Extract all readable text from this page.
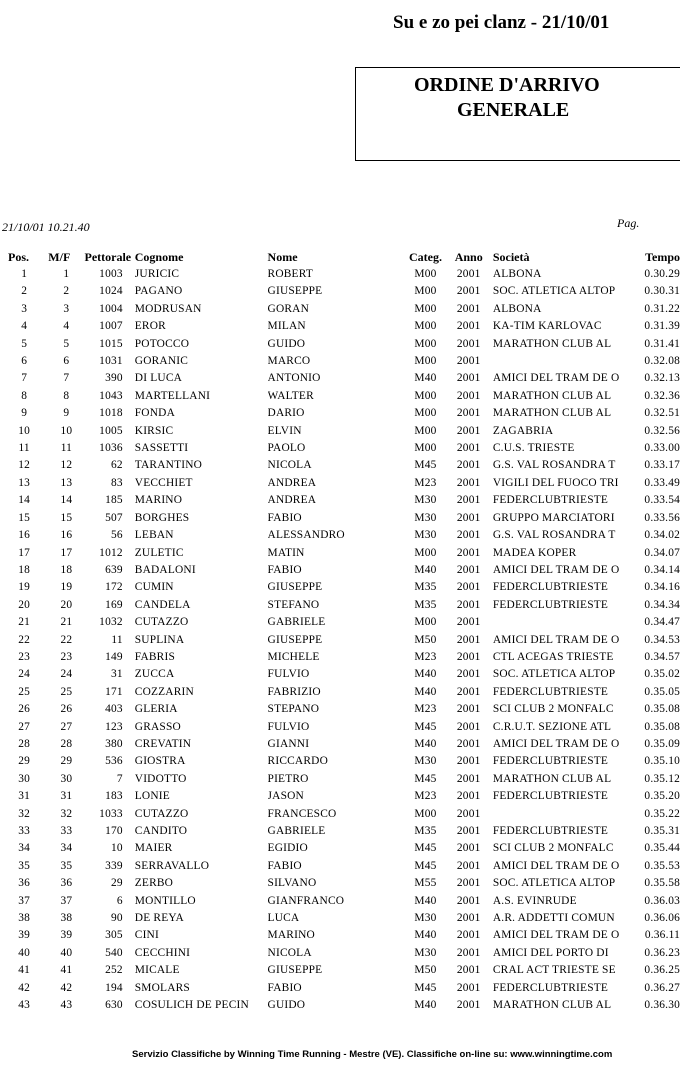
Su e zo pei clanz - 21/10/01
ORDINE D'ARRIVO
GENERALE
21/10/01 10.21.40	Pag.
Pos.	M/F	Pettorale	Cognome	Nome	Categ.	Anno	Società	Tempo
1	1	1003	JURICIC	ROBERT	M00	2001	ALBONA	0.30.29
2	2	1024	PAGANO	GIUSEPPE	M00	2001	SOC. ATLETICA ALTOP	0.30.31
3	3	1004	MODRUSAN	GORAN	M00	2001	ALBONA	0.31.22
4	4	1007	EROR	MILAN	M00	2001	KA-TIM KARLOVAC	0.31.39
5	5	1015	POTOCCO	GUIDO	M00	2001	MARATHON CLUB AL	0.31.41
6	6	1031	GORANIC	MARCO	M00	2001		0.32.08
7	7	390	DI LUCA	ANTONIO	M40	2001	AMICI DEL TRAM DE O	0.32.13
8	8	1043	MARTELLANI	WALTER	M00	2001	MARATHON CLUB AL	0.32.36
9	9	1018	FONDA	DARIO	M00	2001	MARATHON CLUB AL	0.32.51
10	10	1005	KIRSIC	ELVIN	M00	2001	ZAGABRIA	0.32.56
11	11	1036	SASSETTI	PAOLO	M00	2001	C.U.S. TRIESTE	0.33.00
12	12	62	TARANTINO	NICOLA	M45	2001	G.S. VAL ROSANDRA T	0.33.17
13	13	83	VECCHIET	ANDREA	M23	2001	VIGILI DEL FUOCO TRI	0.33.49
14	14	185	MARINO	ANDREA	M30	2001	FEDERCLUBTRIESTE	0.33.54
15	15	507	BORGHES	FABIO	M30	2001	GRUPPO MARCIATORI	0.33.56
16	16	56	LEBAN	ALESSANDRO	M30	2001	G.S. VAL ROSANDRA T	0.34.02
17	17	1012	ZULETIC	MATIN	M00	2001	MADEA KOPER	0.34.07
18	18	639	BADALONI	FABIO	M40	2001	AMICI DEL TRAM DE O	0.34.14
19	19	172	CUMIN	GIUSEPPE	M35	2001	FEDERCLUBTRIESTE	0.34.16
20	20	169	CANDELA	STEFANO	M35	2001	FEDERCLUBTRIESTE	0.34.34
21	21	1032	CUTAZZO	GABRIELE	M00	2001		0.34.47
22	22	11	SUPLINA	GIUSEPPE	M50	2001	AMICI DEL TRAM DE O	0.34.53
23	23	149	FABRIS	MICHELE	M23	2001	CTL ACEGAS TRIESTE	0.34.57
24	24	31	ZUCCA	FULVIO	M40	2001	SOC. ATLETICA ALTOP	0.35.02
25	25	171	COZZARIN	FABRIZIO	M40	2001	FEDERCLUBTRIESTE	0.35.05
26	26	403	GLERIA	STEPANO	M23	2001	SCI CLUB 2 MONFALC	0.35.08
27	27	123	GRASSO	FULVIO	M45	2001	C.R.U.T. SEZIONE ATL	0.35.08
28	28	380	CREVATIN	GIANNI	M40	2001	AMICI DEL TRAM DE O	0.35.09
29	29	536	GIOSTRA	RICCARDO	M30	2001	FEDERCLUBTRIESTE	0.35.10
30	30	7	VIDOTTO	PIETRO	M45	2001	MARATHON CLUB AL	0.35.12
31	31	183	LONIE	JASON	M23	2001	FEDERCLUBTRIESTE	0.35.20
32	32	1033	CUTAZZO	FRANCESCO	M00	2001		0.35.22
33	33	170	CANDITO	GABRIELE	M35	2001	FEDERCLUBTRIESTE	0.35.31
34	34	10	MAIER	EGIDIO	M45	2001	SCI CLUB 2 MONFALC	0.35.44
35	35	339	SERRAVALLO	FABIO	M45	2001	AMICI DEL TRAM DE O	0.35.53
36	36	29	ZERBO	SILVANO	M55	2001	SOC. ATLETICA ALTOP	0.35.58
37	37	6	MONTILLO	GIANFRANCO	M40	2001	A.S. EVINRUDE	0.36.03
38	38	90	DE REYA	LUCA	M30	2001	A.R. ADDETTI COMUN	0.36.06
39	39	305	CINI	MARINO	M40	2001	AMICI DEL TRAM DE O	0.36.11
40	40	540	CECCHINI	NICOLA	M30	2001	AMICI DEL PORTO DI	0.36.23
41	41	252	MICALE	GIUSEPPE	M50	2001	CRAL ACT TRIESTE SE	0.36.25
42	42	194	SMOLARS	FABIO	M45	2001	FEDERCLUBTRIESTE	0.36.27
43	43	630	COSULICH DE PECIN	GUIDO	M40	2001	MARATHON CLUB AL	0.36.30
Servizio Classifiche by Winning Time Running - Mestre (VE). Classifiche on-line su: www.winningtime.com
